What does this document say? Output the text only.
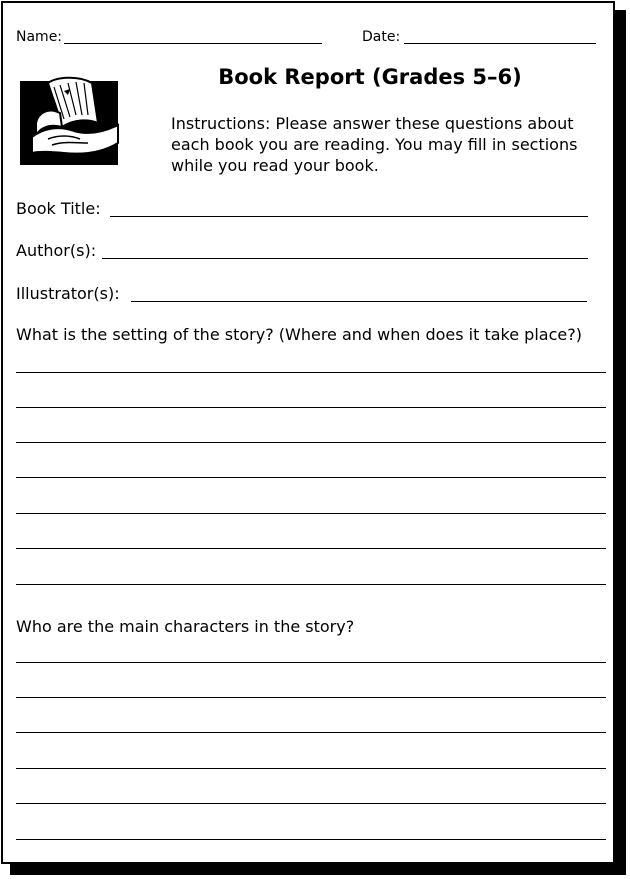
Name:	Date:
Book Report (Grades 5–6)
Instructions: Please answer these questions about each book you are reading. You may fill in sections while you read your book.
Book Title:
Author(s):
Illustrator(s):
What is the setting of the story? (Where and when does it take place?)
Who are the main characters in the story?
